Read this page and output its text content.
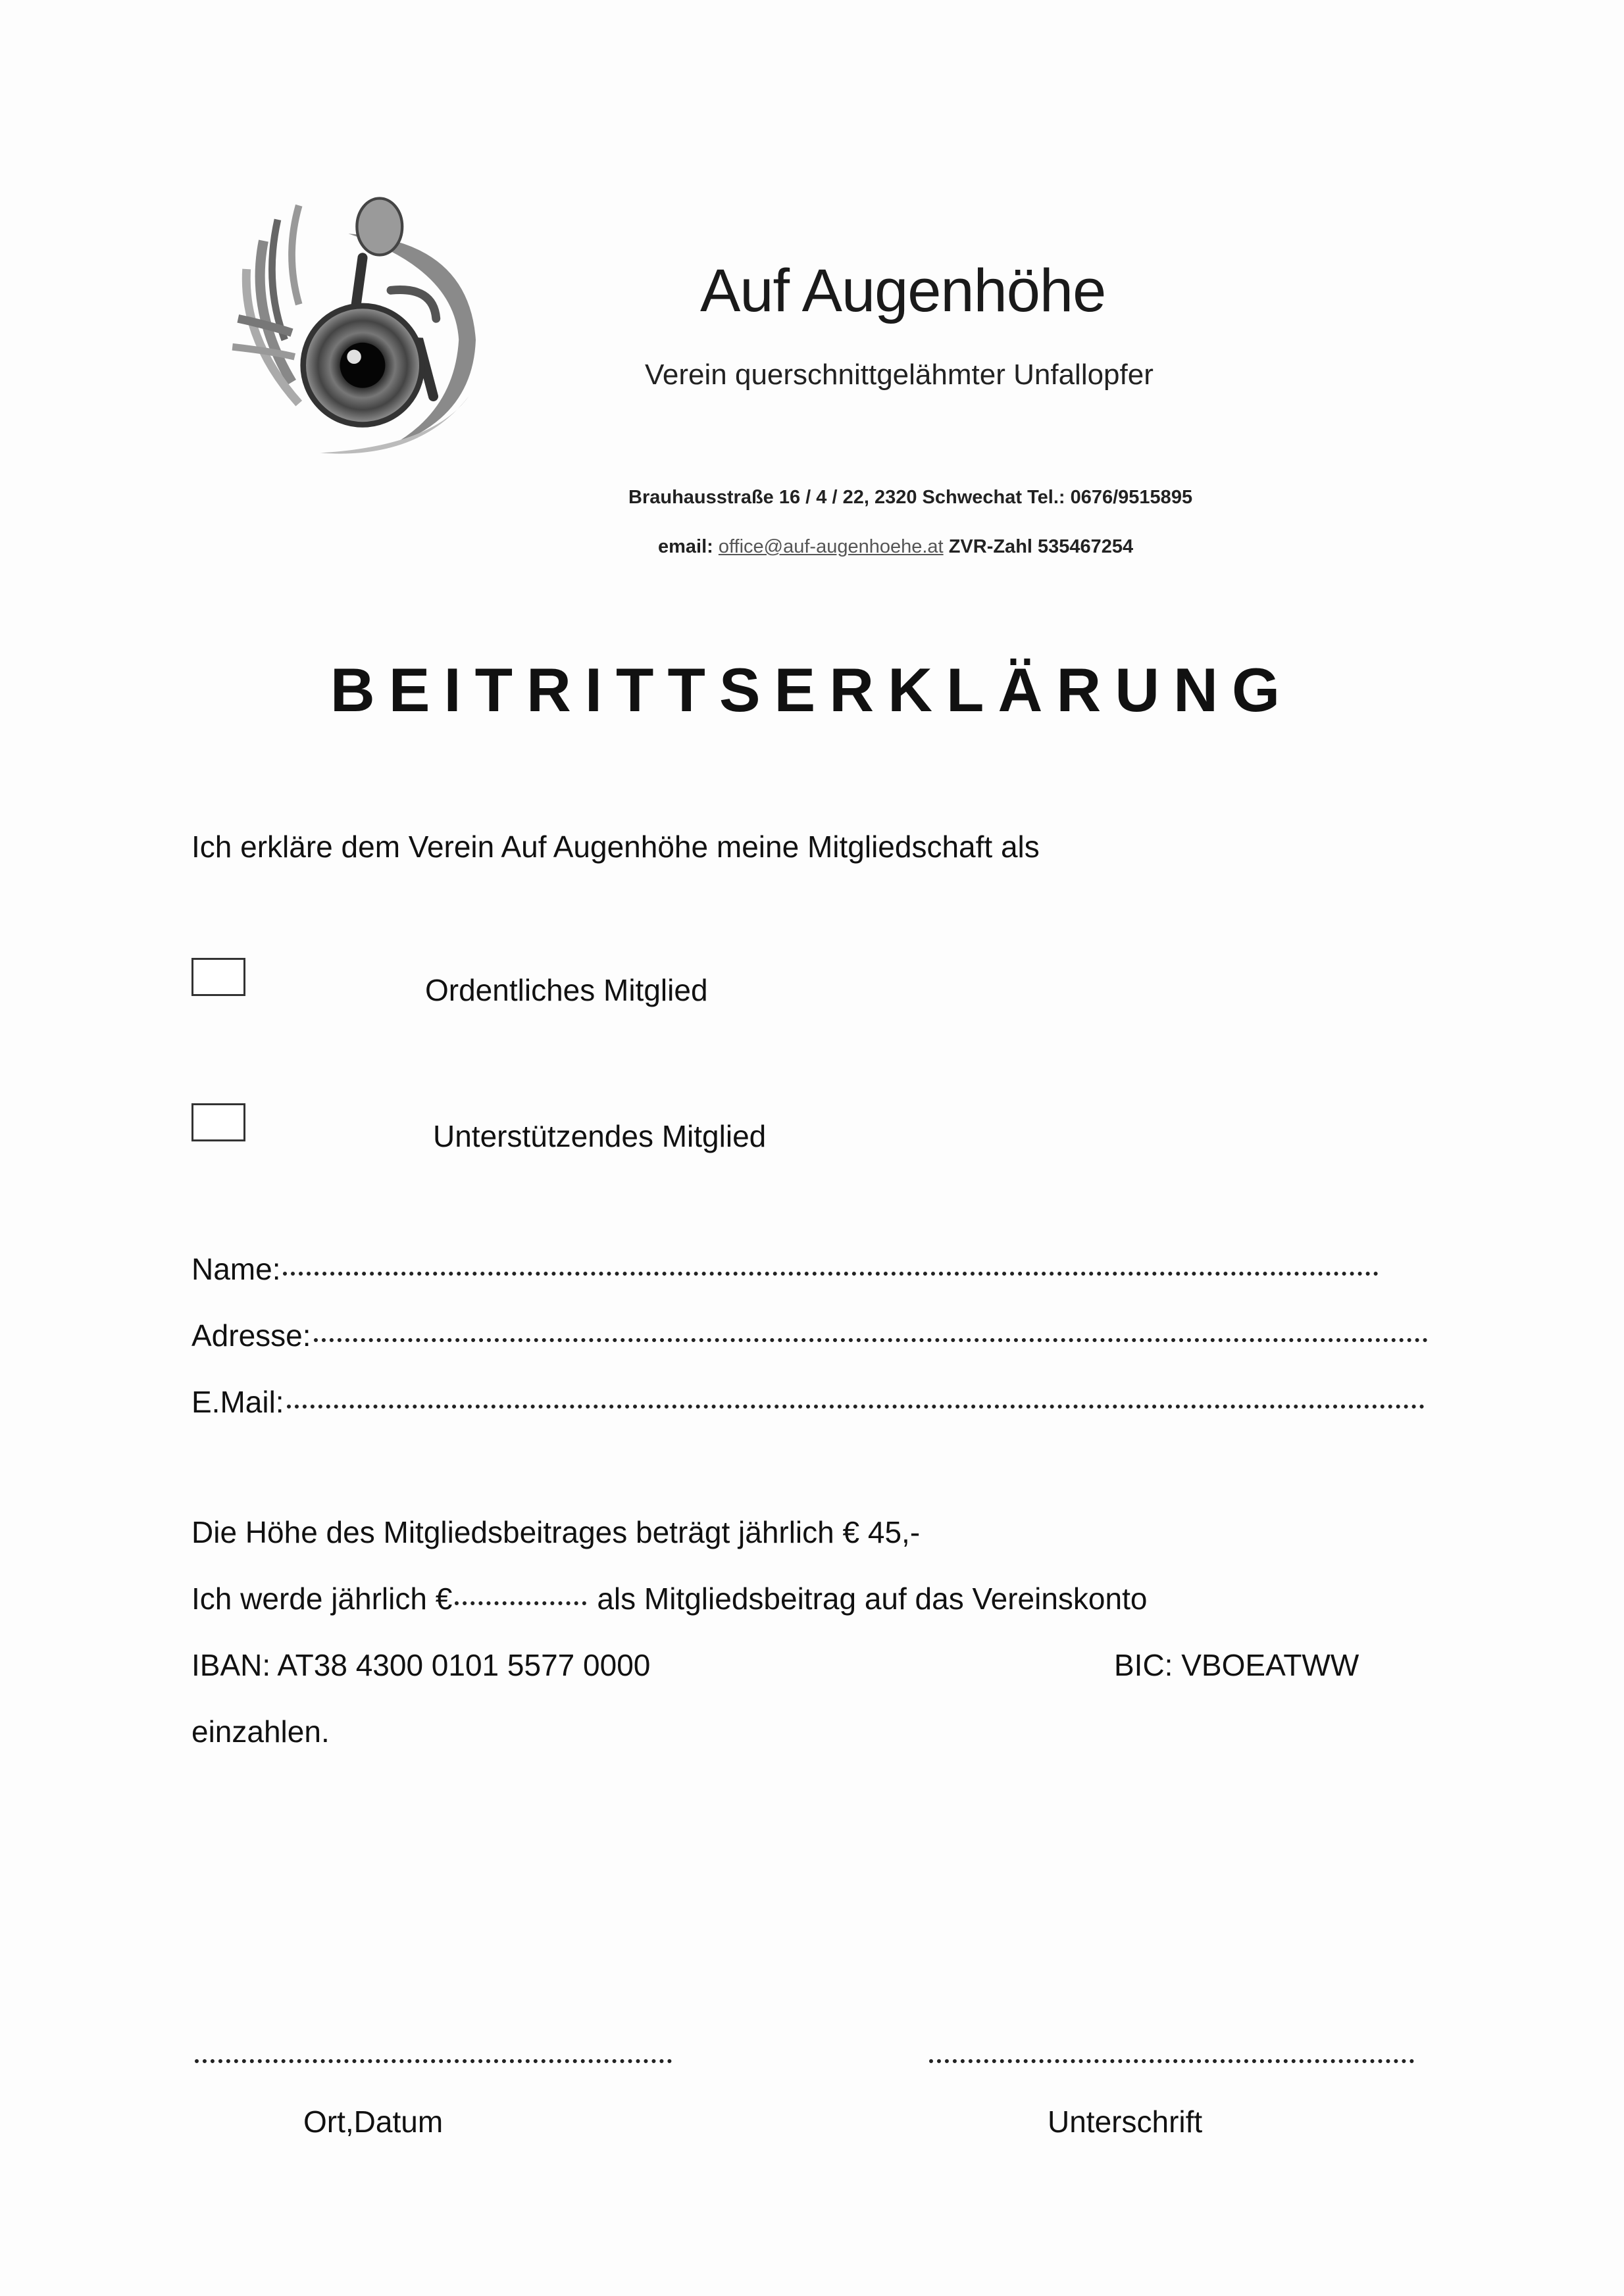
Auf Augenhöhe
Verein querschnittgelähmter Unfallopfer
Brauhausstraße 16 / 4 / 22, 2320 Schwechat Tel.: 0676/9515895
email: office@auf-augenhoehe.at ZVR-Zahl 535467254
BEITRITTSERKLÄRUNG
Ich erkläre dem Verein Auf Augenhöhe meine Mitgliedschaft als
Ordentliches Mitglied
Unterstützendes Mitglied
Name:
Adresse:
E.Mail:
Die Höhe des Mitgliedsbeitrages beträgt jährlich € 45,-
Ich werde jährlich €	als Mitgliedsbeitrag auf das Vereinskonto
IBAN: AT38 4300 0101 5577 0000	BIC: VBOEATWW
einzahlen.
Ort,Datum	Unterschrift
